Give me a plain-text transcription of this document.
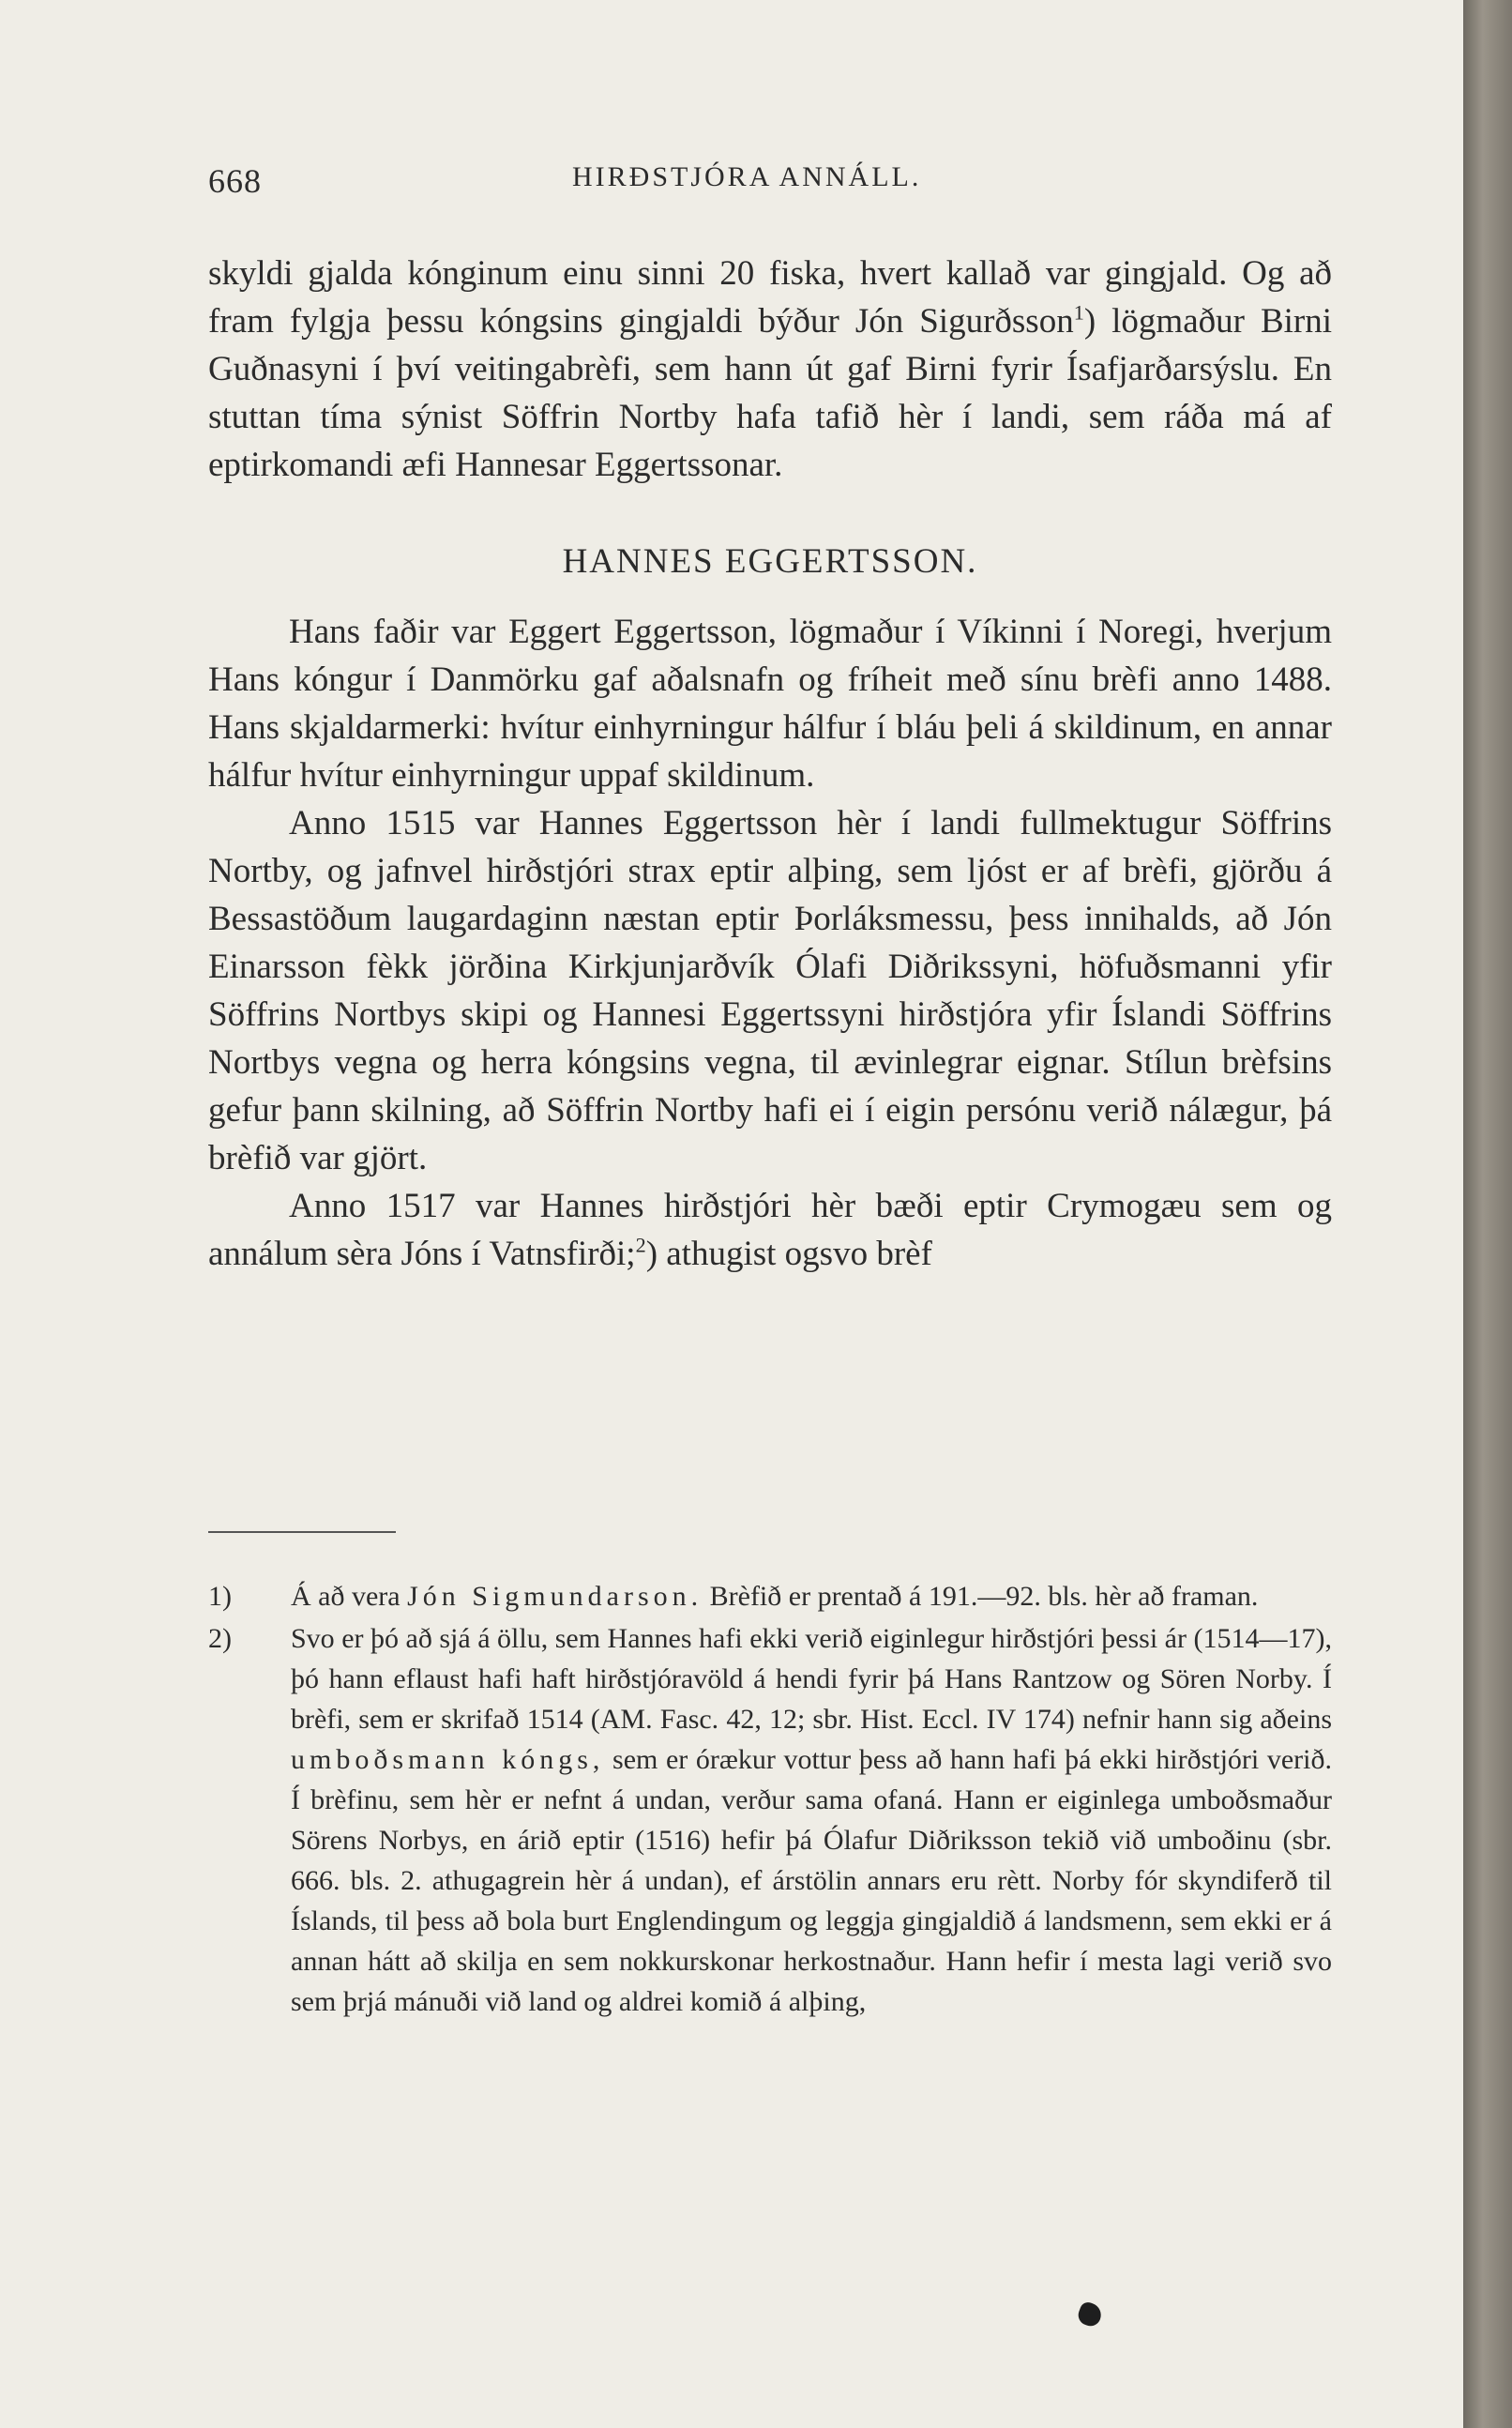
668	HIRÐSTJÓRA ANNÁLL.

skyldi gjalda kónginum einu sinni 20 fiska, hvert kallað var gingjald. Og að fram fylgja þessu kóngsins gingjaldi býður Jón Sigurðsson$^1$) lögmaður Birni Guðnasyni í því veitingabrèfi, sem hann út gaf Birni fyrir Ísafjarðarsýslu. En stuttan tíma sýnist Söffrin Nortby hafa tafið hèr í landi, sem ráða má af eptirkomandi æfi Hannesar Eggertssonar.

HANNES EGGERTSSON.

Hans faðir var Eggert Eggertsson, lögmaður í Víkinni í Noregi, hverjum Hans kóngur í Danmörku gaf aðalsnafn og fríheit með sínu brèfi anno 1488. Hans skjaldarmerki: hvítur einhyrningur hálfur í bláu þeli á skildinum, en annar hálfur hvítur einhyrningur uppaf skildinum.

Anno 1515 var Hannes Eggertsson hèr í landi fullmektugur Söffrins Nortby, og jafnvel hirðstjóri strax eptir alþing, sem ljóst er af brèfi, gjörðu á Bessastöðum laugardaginn næstan eptir Þorláksmessu, þess innihalds, að Jón Einarsson fèkk jörðina Kirkjunjarðvík Ólafi Diðrikssyni, höfuðsmanni yfir Söffrins Nortbys skipi og Hannesi Eggertssyni hirðstjóra yfir Íslandi Söffrins Nortbys vegna og herra kóngsins vegna, til ævinlegrar eignar. Stílun brèfsins gefur þann skilning, að Söffrin Nortby hafi ei í eigin persónu verið nálægur, þá brèfið var gjört.

Anno 1517 var Hannes hirðstjóri hèr bæði eptir Crymogæu sem og annálum sèra Jóns í Vatnsfirði;$^2$) athugist ogsvo brèf

1) Á að vera Jón Sigmundarson. Brèfið er prentað á 191.—92. bls. hèr að framan.

2) Svo er þó að sjá á öllu, sem Hannes hafi ekki verið eiginlegur hirðstjóri þessi ár (1514—17), þó hann eflaust hafi haft hirðstjóravöld á hendi fyrir þá Hans Rantzow og Sören Norby. Í brèfi, sem er skrifað 1514 (AM. Fasc. 42, 12; sbr. Hist. Eccl. IV 174) nefnir hann sig aðeins umboðsmann kóngs, sem er órækur vottur þess að hann hafi þá ekki hirðstjóri verið. Í brèfinu, sem hèr er nefnt á undan, verður sama ofaná. Hann er eiginlega umboðsmaður Sörens Norbys, en árið eptir (1516) hefir þá Ólafur Diðriksson tekið við umboðinu (sbr. 666. bls. 2. athugagrein hèr á undan), ef árstölin annars eru rètt. Norby fór skyndiferð til Íslands, til þess að bola burt Englendingum og leggja gingjaldið á landsmenn, sem ekki er á annan hátt að skilja en sem nokkurskonar herkostnaður. Hann hefir í mesta lagi verið svo sem þrjá mánuði við land og aldrei komið á alþing,
